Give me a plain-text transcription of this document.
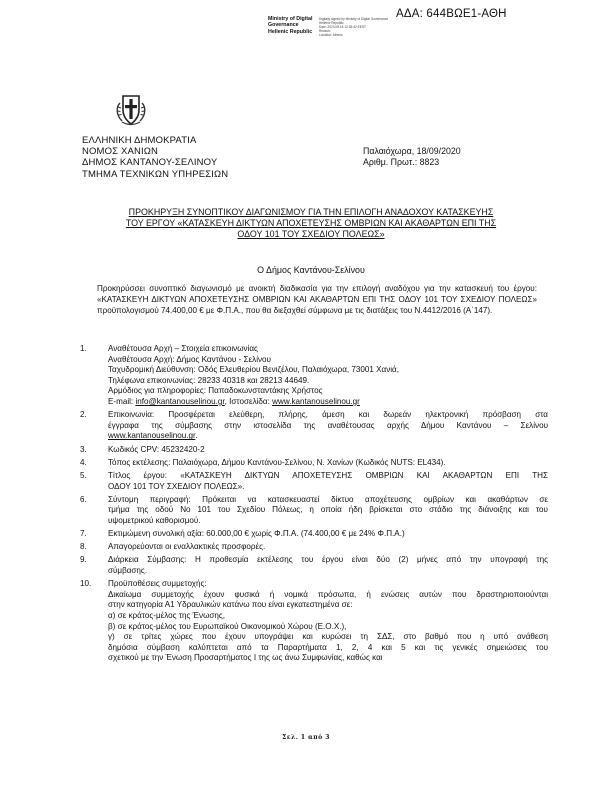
ΑΔΑ: 644ΒΩΕ1-ΑΘΗ
Ministry of Digital
Governance
Hellenic Republic
Digitally signed by Ministry of Digital Governance
Hellenic Republic
Date: 2020.09.18 12:35:42 EEST
Reason:
Location: Athens
ΕΛΛΗΝΙΚΗ ΔΗΜΟΚΡΑΤΙΑ
ΝΟΜΟΣ ΧΑΝΙΩΝ
ΔΗΜΟΣ ΚΑΝΤΑΝΟΥ-ΣΕΛΙΝΟΥ
ΤΜΗΜΑ ΤΕΧΝΙΚΩΝ ΥΠΗΡΕΣΙΩΝ
Παλαιόχωρα, 18/09/2020
Αριθμ. Πρωτ.: 8823
ΠΡΟΚΗΡΥΞΗ ΣΥΝΟΠΤΙΚΟΥ ΔΙΑΓΩΝΙΣΜΟΥ ΓΙΑ ΤΗΝ ΕΠΙΛΟΓΗ ΑΝΑΔΟΧΟΥ ΚΑΤΑΣΚΕΥΗΣ
ΤΟΥ ΕΡΓΟΥ «ΚΑΤΑΣΚΕΥΗ ΔΙΚΤΥΩΝ ΑΠΟΧΕΤΕΥΣΗΣ ΟΜΒΡΙΩΝ ΚΑΙ ΑΚΑΘΑΡΤΩΝ ΕΠΙ ΤΗΣ
ΟΔΟΥ 101 ΤΟΥ ΣΧΕΔΙΟΥ ΠΟΛΕΩΣ»
Ο Δήμος Καντάνου-Σελίνου
Προκηρύσσει συνοπτικό διαγωνισμό με ανοικτή διαδικασία για την επιλογή αναδόχου για την κατασκευή του έργου: «ΚΑΤΑΣΚΕΥΗ ΔΙΚΤΥΩΝ ΑΠΟΧΕΤΕΥΣΗΣ ΟΜΒΡΙΩΝ ΚΑΙ ΑΚΑΘΑΡΤΩΝ ΕΠΙ ΤΗΣ ΟΔΟΥ 101 ΤΟΥ ΣΧΕΔΙΟΥ ΠΟΛΕΩΣ» προϋπολογισμού 74.400,00 € με Φ.Π.Α., που θα διεξαχθεί σύμφωνα με τις διατάξεις του Ν.4412/2016 (Α΄147).
1.	Αναθέτουσα Αρχή – Στοιχεία επικοινωνίας
Αναθέτουσα Αρχή: Δήμος Καντάνου - Σελίνου
Ταχυδρομική Διεύθυνση: Οδός Ελευθερίου Βενιζέλου, Παλαιόχωρα, 73001 Χανιά,
Τηλέφωνα επικοινωνίας: 28233 40318 και 28213 44649.
Αρμόδιος για πληροφορίες: Παπαδοκωνσταντάκης Χρήστος
E-mail: info@kantanouselinou.gr, Ιστοσελίδα: www.kantanouselinou.gr
2.	Επικοινωνία: Προσφέρεται ελεύθερη, πλήρης, άμεση και δωρεάν ηλεκτρονική πρόσβαση στα
έγγραφα της σύμβασης στην ιστοσελίδα της αναθέτουσας αρχής Δήμου Καντάνου – Σελίνου
www.kantanouselinou.gr.
3.	Κωδικός CPV: 45232420-2
4.	Τόπος εκτέλεσης: Παλαιόχωρα, Δήμου Καντάνου-Σελίνου, Ν. Χανίων (Κωδικός NUTS: EL434).
5.	Τίτλος έργου: «ΚΑΤΑΣΚΕΥΗ ΔΙΚΤΥΩΝ ΑΠΟΧΕΤΕΥΣΗΣ ΟΜΒΡΙΩΝ ΚΑΙ ΑΚΑΘΑΡΤΩΝ ΕΠΙ ΤΗΣ
ΟΔΟΥ 101 ΤΟΥ ΣΧΕΔΙΟΥ ΠΟΛΕΩΣ».
6.	Σύντομη περιγραφή: Πρόκειται να κατασκευαστεί δίκτυο αποχέτευσης ομβρίων και ακαθάρτων σε
τμήμα της οδού Νο 101 του Σχεδίου Πόλεως, η οποία ήδη βρίσκεται στο στάδιο της διάνοιξης και του
υψομετρικού καθορισμού.
7.	Εκτιμώμενη συνολική αξία: 60.000,00 € χωρίς Φ.Π.Α. (74.400,00 € με 24% Φ.Π.Α.)
8.	Απαγορεύονται οι εναλλακτικές προσφορές.
9.	Διάρκεια Σύμβασης: Η προθεσμία εκτέλεσης του έργου είναι δύο (2) μήνες από την υπογραφή της
σύμβασης.
10.	Προϋποθέσεις συμμετοχής:
Δικαίωμα συμμετοχής έχουν φυσικά ή νομικά πρόσωπα, ή ενώσεις αυτών που δραστηριοποιούνται
στην κατηγορία Α1 Υδραυλικών κατάνω που είναι εγκατεστημένα σε:
α) σε κράτος-μέλος της Ένωσης,
β) σε κράτος-μέλος του Ευρωπαϊκού Οικονομικού Χώρου (Ε.Ο.Χ.),
γ) σε τρίτες χώρες που έχουν υπογράψει και κυρώσει τη ΣΔΣ, στο βαθμό που η υπό ανάθεση
δημόσια σύμβαση καλύπτεται από τα Παραρτήματα 1, 2, 4 και 5 και τις γενικές σημειώσεις του
σχετικού με την Ένωση Προσαρτήματος Ι της ως άνω Συμφωνίας, καθώς και
Σελ. 1 από 3
